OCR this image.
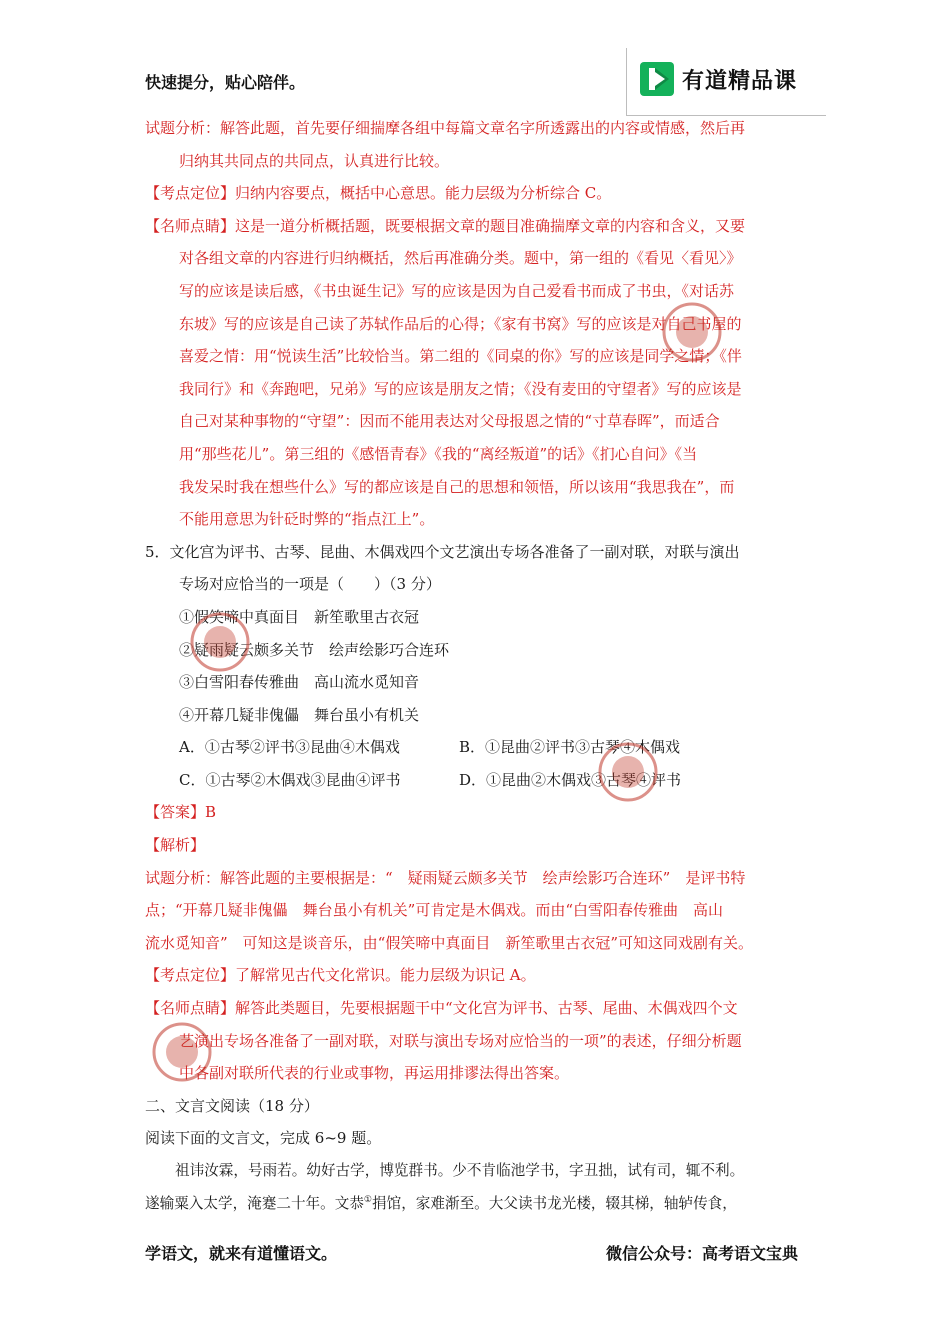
快速提分，贴心陪伴。	有道精品课

试题分析：解答此题，首先要仔细揣摩各组中每篇文章名字所透露出的内容或情感，然后再

归纳其共同点的共同点，认真进行比较。

【考点定位】归纳内容要点，概括中心意思。能力层级为分析综合 C。

【名师点睛】这是一道分析概括题，既要根据文章的题目准确揣摩文章的内容和含义，又要

对各组文章的内容进行归纳概括，然后再准确分类。题中，第一组的《看见〈看见〉》

写的应该是读后感，《书虫诞生记》写的应该是因为自己爱看书而成了书虫，《对话苏

东坡》写的应该是自己读了苏轼作品后的心得；《家有书窝》写的应该是对自己书屋的

喜爱之情：用“悦读生活”比较恰当。第二组的《同桌的你》写的应该是同学之情；《伴

我同行》和《奔跑吧，兄弟》写的应该是朋友之情；《没有麦田的守望者》写的应该是

自己对某种事物的“守望”：因而不能用表达对父母报恩之情的“寸草春晖”，而适合

用“那些花儿”。第三组的《感悟青春》《我的“离经叛道”的话》《扪心自问》《当

我发呆时我在想些什么》写的都应该是自己的思想和领悟，所以该用“我思我在”，而

不能用意思为针砭时弊的“指点江上”。

5．文化宫为评书、古琴、昆曲、木偶戏四个文艺演出专场各准备了一副对联，对联与演出

专场对应恰当的一项是（　　）（3 分）

①假笑啼中真面目　新笙歌里古衣冠

②疑雨疑云颇多关节　绘声绘影巧合连环

③白雪阳春传雅曲　高山流水觅知音

④开幕几疑非傀儡　舞台虽小有机关

A．①古琴②评书③昆曲④木偶戏	B．①昆曲②评书③古琴④木偶戏
C．①古琴②木偶戏③昆曲④评书	D．①昆曲②木偶戏③古琴④评书

【答案】B

【解析】

试题分析：解答此题的主要根据是：“　疑雨疑云颇多关节　绘声绘影巧合连环”　是评书特

点；“开幕几疑非傀儡　舞台虽小有机关”可肯定是木偶戏。而由“白雪阳春传雅曲　高山

流水觅知音”　可知这是谈音乐，由“假笑啼中真面目　新笙歌里古衣冠”可知这同戏剧有关。

【考点定位】了解常见古代文化常识。能力层级为识记 A。

【名师点睛】解答此类题目，先要根据题干中“文化宫为评书、古琴、尾曲、木偶戏四个文

艺演出专场各准备了一副对联，对联与演出专场对应恰当的一项”的表述，仔细分析题

中各副对联所代表的行业或事物，再运用排谬法得出答案。

二、文言文阅读（18 分）

阅读下面的文言文，完成 6~9 题。

祖讳汝霖，号雨若。幼好古学，博览群书。少不肯临池学书，字丑拙，试有司，辄不利。

遂输粟入太学，淹蹇二十年。文恭①捐馆，家难渐至。大父读书龙光楼，辍其梯，轴轳传食，

学语文，就来有道懂语文。	微信公众号：高考语文宝典
